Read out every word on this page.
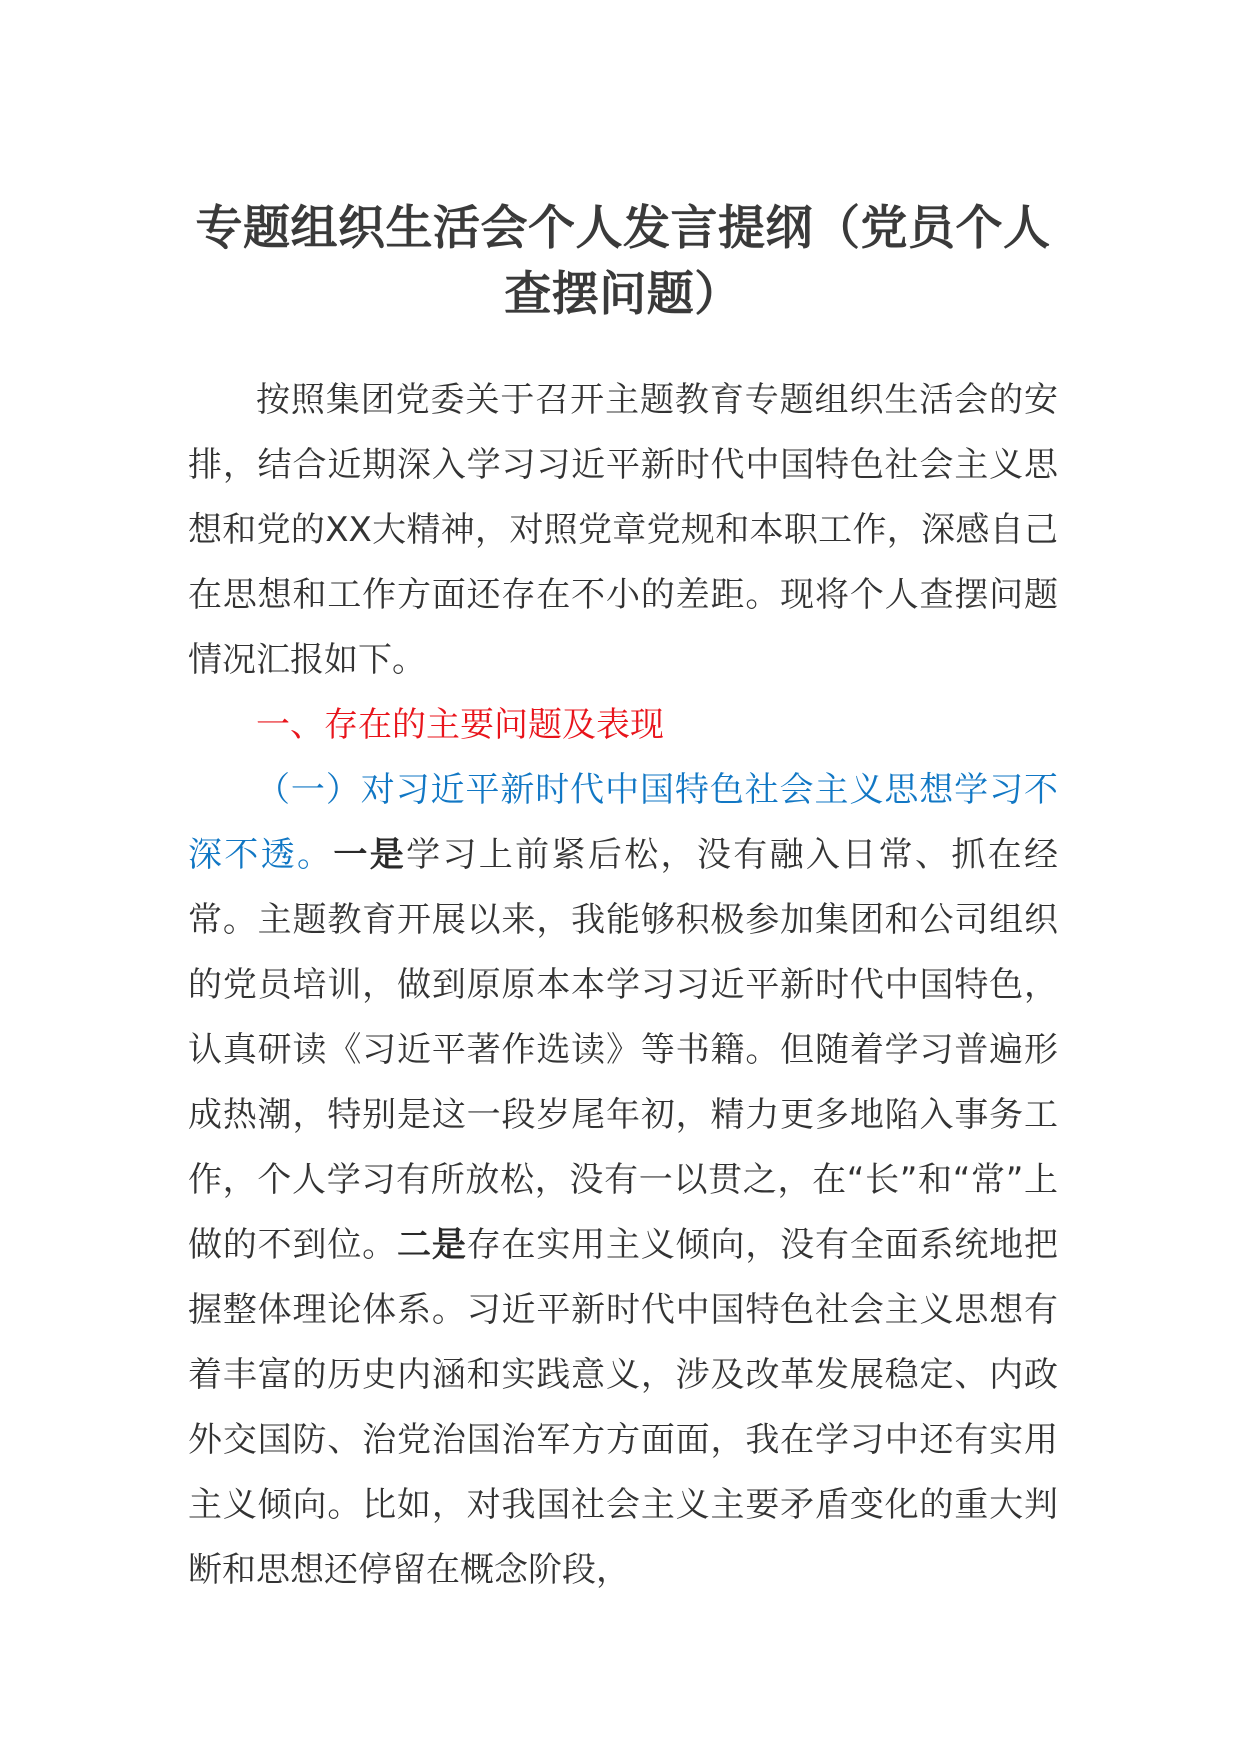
专题组织生活会个人发言提纲（党员个人查摆问题）

按照集团党委关于召开主题教育专题组织生活会的安排，结合近期深入学习习近平新时代中国特色社会主义思想和党的XX大精神，对照党章党规和本职工作，深感自己在思想和工作方面还存在不小的差距。现将个人查摆问题情况汇报如下。

一、存在的主要问题及表现

（一）对习近平新时代中国特色社会主义思想学习不深不透。一是学习上前紧后松，没有融入日常、抓在经常。主题教育开展以来，我能够积极参加集团和公司组织的党员培训，做到原原本本学习习近平新时代中国特色，认真研读《习近平著作选读》等书籍。但随着学习普遍形成热潮，特别是这一段岁尾年初，精力更多地陷入事务工作，个人学习有所放松，没有一以贯之，在“长”和“常”上做的不到位。二是存在实用主义倾向，没有全面系统地把握整体理论体系。习近平新时代中国特色社会主义思想有着丰富的历史内涵和实践意义，涉及改革发展稳定、内政外交国防、治党治国治军方方面面，我在学习中还有实用主义倾向。比如，对我国社会主义主要矛盾变化的重大判断和思想还停留在概念阶段，
